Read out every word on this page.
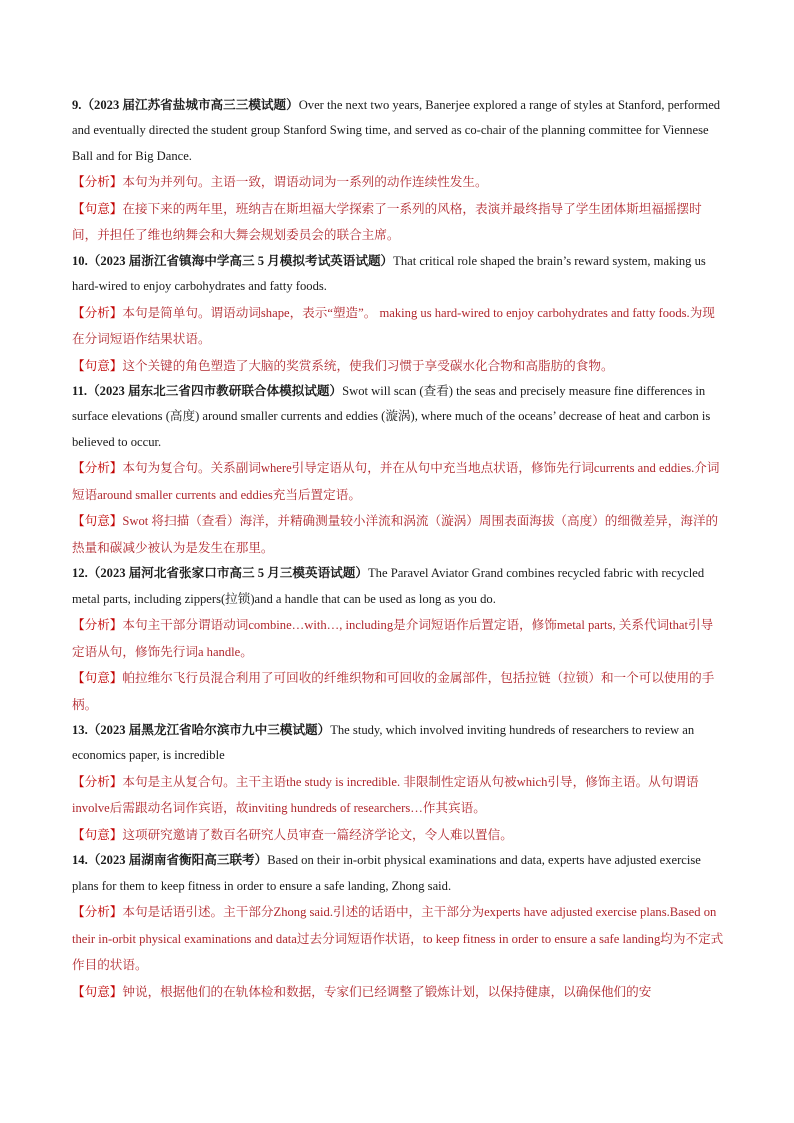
9.（2023 届江苏省盐城市高三三模试题）Over the next two years, Banerjee explored a range of styles at Stanford, performed and eventually directed the student group Stanford Swing time, and served as co-chair of the planning committee for Viennese Ball and for Big Dance.

【分析】本句为并列句。主语一致，谓语动词为一系列的动作连续性发生。

【句意】在接下来的两年里，班纳吉在斯坦福大学探索了一系列的风格，表演并最终指导了学生团体斯坦福摇摆时间，并担任了维也纳舞会和大舞会规划委员会的联合主席。

10.（2023 届浙江省镇海中学高三 5 月模拟考试英语试题）That critical role shaped the brain’s reward system, making us hard-wired to enjoy carbohydrates and fatty foods.

【分析】本句是简单句。谓语动词shape，表示“塑造”。 making us hard-wired to enjoy carbohydrates and fatty foods.为现在分词短语作结果状语。

【句意】这个关键的角色塑造了大脑的奖赏系统，使我们习惯于享受碳水化合物和高脂肪的食物。

11.（2023 届东北三省四市教研联合体模拟试题）Swot will scan (查看) the seas and precisely measure fine differences in surface elevations (高度) around smaller currents and eddies (漩涡), where much of the oceans’ decrease of heat and carbon is believed to occur.

【分析】本句为复合句。关系副词where引导定语从句，并在从句中充当地点状语，修饰先行词currents and eddies.介词短语around smaller currents and eddies充当后置定语。

【句意】Swot 将扫描（查看）海洋，并精确测量较小洋流和涡流（漩涡）周围表面海拔（高度）的细微差异，海洋的热量和碳减少被认为是发生在那里。

12.（2023 届河北省张家口市高三 5 月三模英语试题）The Paravel Aviator Grand combines recycled fabric with recycled metal parts, including zippers(拉锁)and a handle that can be used as long as you do.

【分析】本句主干部分谓语动词combine…with…, including是介词短语作后置定语，修饰metal parts, 关系代词that引导定语从句，修饰先行词a handle。

【句意】帕拉维尔飞行员混合利用了可回收的纤维织物和可回收的金属部件，包括拉链（拉锁）和一个可以使用的手柄。

13.（2023 届黑龙江省哈尔滨市九中三模试题）The study, which involved inviting hundreds of researchers to review an economics paper, is incredible

【分析】本句是主从复合句。主干主语the study is incredible. 非限制性定语从句被which引导，修饰主语。从句谓语involve后需跟动名词作宾语，故inviting hundreds of researchers…作其宾语。

【句意】这项研究邀请了数百名研究人员审查一篇经济学论文，令人难以置信。

14.（2023 届湖南省衡阳高三联考）Based on their in-orbit physical examinations and data, experts have adjusted exercise plans for them to keep fitness in order to ensure a safe landing, Zhong said.

【分析】本句是话语引述。主干部分Zhong said.引述的话语中，主干部分为experts have adjusted exercise plans.Based on their in-orbit physical examinations and data过去分词短语作状语，to keep fitness in order to ensure a safe landing均为不定式作目的状语。

【句意】钟说，根据他们的在轨体检和数据，专家们已经调整了锻炼计划，以保持健康，以确保他们的安
